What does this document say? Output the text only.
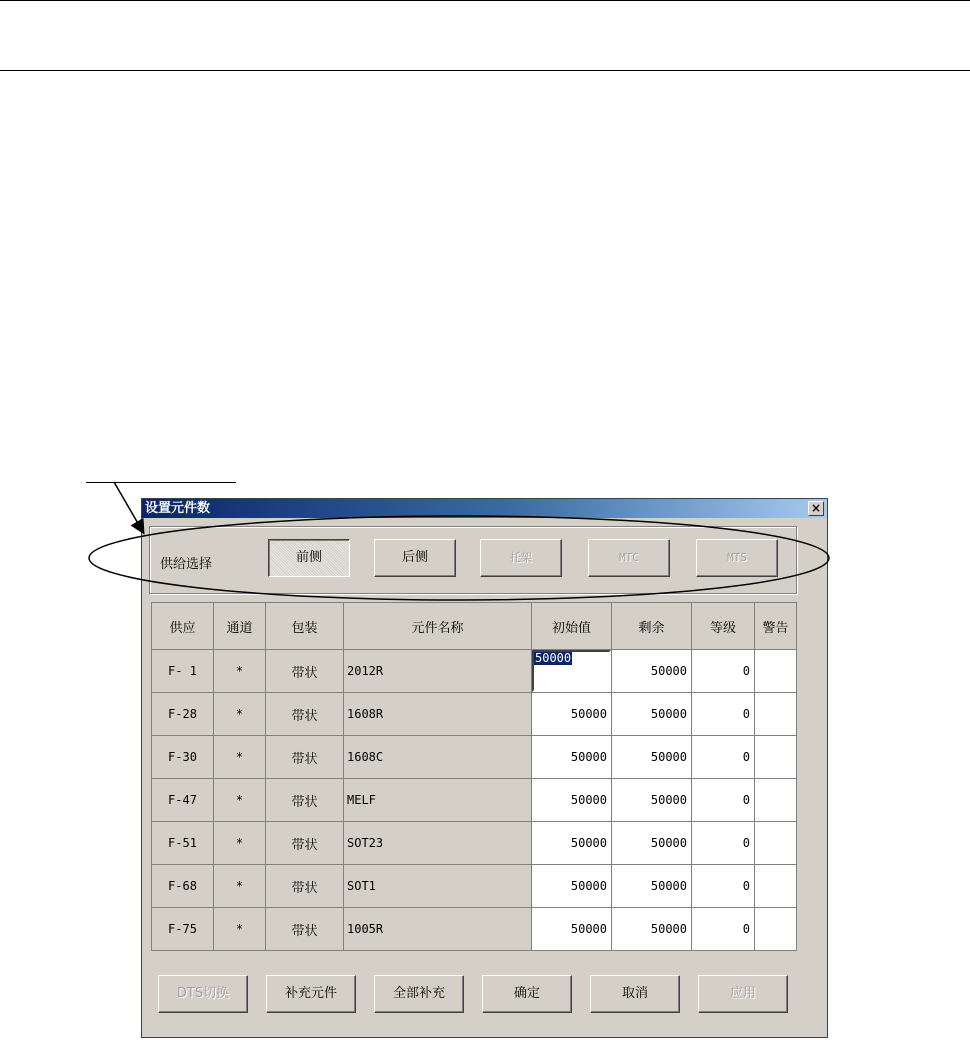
设置元件数	×
供给选择	前侧	后侧	托架	MTC	MTS
供应	通道	包装	元件名称	初始值	剩余	等级	警告
F- 1	*	带状	2012R	50000	50000	0	
F-28	*	带状	1608R	50000	50000	0	
F-30	*	带状	1608C	50000	50000	0	
F-47	*	带状	MELF	50000	50000	0	
F-51	*	带状	SOT23	50000	50000	0	
F-68	*	带状	SOT1	50000	50000	0	
F-75	*	带状	1005R	50000	50000	0	
DTS切换	补充元件	全部补充	确定	取消	应用
